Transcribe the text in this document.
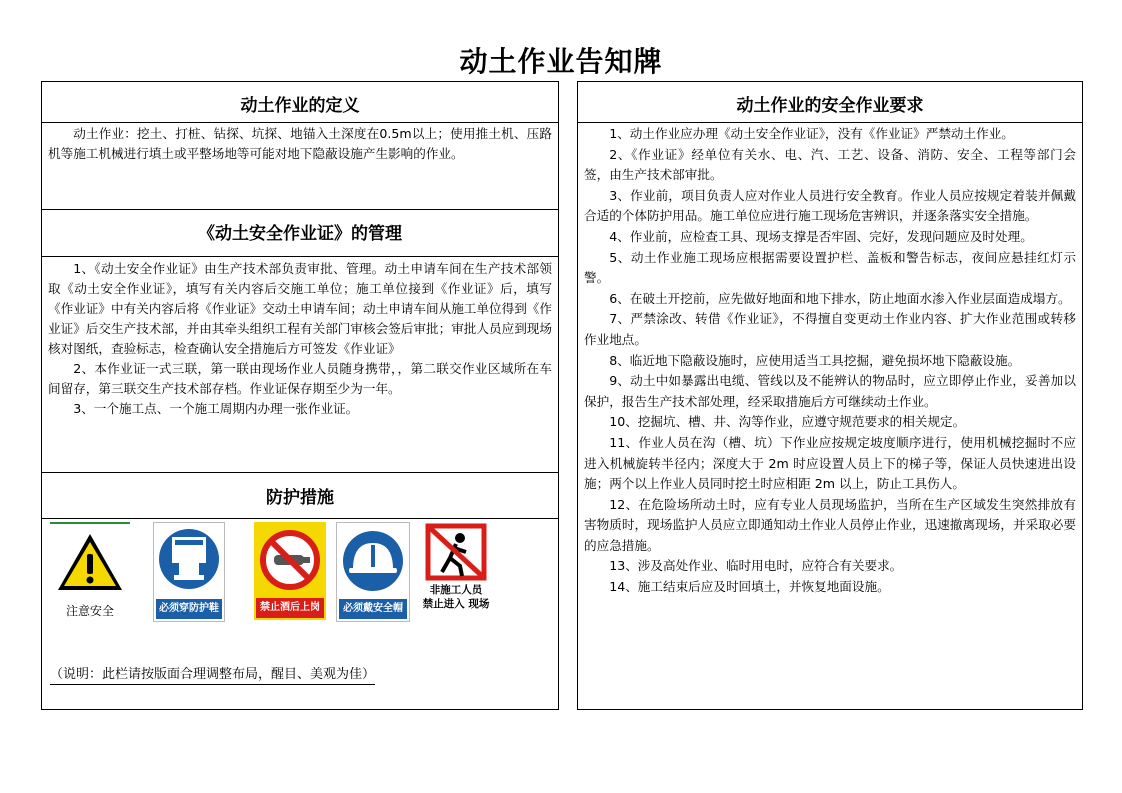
动土作业告知牌
动土作业的定义

动土作业：挖土、打桩、钻探、坑探、地锚入土深度在0.5m以上；使用推土机、压路机等施工机械进行填土或平整场地等可能对地下隐蔽设施产生影响的作业。

《动土安全作业证》的管理

1、《动土安全作业证》由生产技术部负责审批、管理。动土申请车间在生产技术部领取《动土安全作业证》，填写有关内容后交施工单位；施工单位接到《作业证》后，填写《作业证》中有关内容后将《作业证》交动土申请车间；动土申请车间从施工单位得到《作业证》后交生产技术部，并由其牵头组织工程有关部门审核会签后审批；审批人员应到现场核对图纸，查验标志，检查确认安全措施后方可签发《作业证》

2、本作业证一式三联，第一联由现场作业人员随身携带，，第二联交作业区域所在车间留存，第三联交生产技术部存档。作业证保存期至少为一年。

3、一个施工点、一个施工周期内办理一张作业证。

防护措施
注意安全	必须穿防护鞋	禁止酒后上岗	必须戴安全帽
非施工人员
禁止进入 现场
（说明：此栏请按版面合理调整布局，醒目、美观为佳）
动土作业的安全作业要求

1、动土作业应办理《动土安全作业证》，没有《作业证》严禁动土作业。

2、《作业证》经单位有关水、电、汽、工艺、设备、消防、安全、工程等部门会签，由生产技术部审批。

3、作业前，项目负责人应对作业人员进行安全教育。作业人员应按规定着装并佩戴合适的个体防护用品。施工单位应进行施工现场危害辨识，并逐条落实安全措施。

4、作业前，应检查工具、现场支撑是否牢固、完好，发现问题应及时处理。

5、动土作业施工现场应根据需要设置护栏、盖板和警告标志，夜间应悬挂红灯示警。

6、在破土开挖前，应先做好地面和地下排水，防止地面水渗入作业层面造成塌方。

7、严禁涂改、转借《作业证》，不得擅自变更动土作业内容、扩大作业范围或转移作业地点。

8、临近地下隐蔽设施时，应使用适当工具挖掘，避免损坏地下隐蔽设施。

9、动土中如暴露出电缆、管线以及不能辨认的物品时，应立即停止作业，妥善加以保护，报告生产技术部处理，经采取措施后方可继续动土作业。

10、挖掘坑、槽、井、沟等作业，应遵守规范要求的相关规定。

11、作业人员在沟（槽、坑）下作业应按规定坡度顺序进行，使用机械挖掘时不应进入机械旋转半径内；深度大于 2m 时应设置人员上下的梯子等，保证人员快速进出设施；两个以上作业人员同时挖土时应相距 2m 以上，防止工具伤人。

12、在危险场所动土时，应有专业人员现场监护，当所在生产区域发生突然排放有害物质时，现场监护人员应立即通知动土作业人员停止作业，迅速撤离现场，并采取必要的应急措施。

13、涉及高处作业、临时用电时，应符合有关要求。

14、施工结束后应及时回填土，并恢复地面设施。
